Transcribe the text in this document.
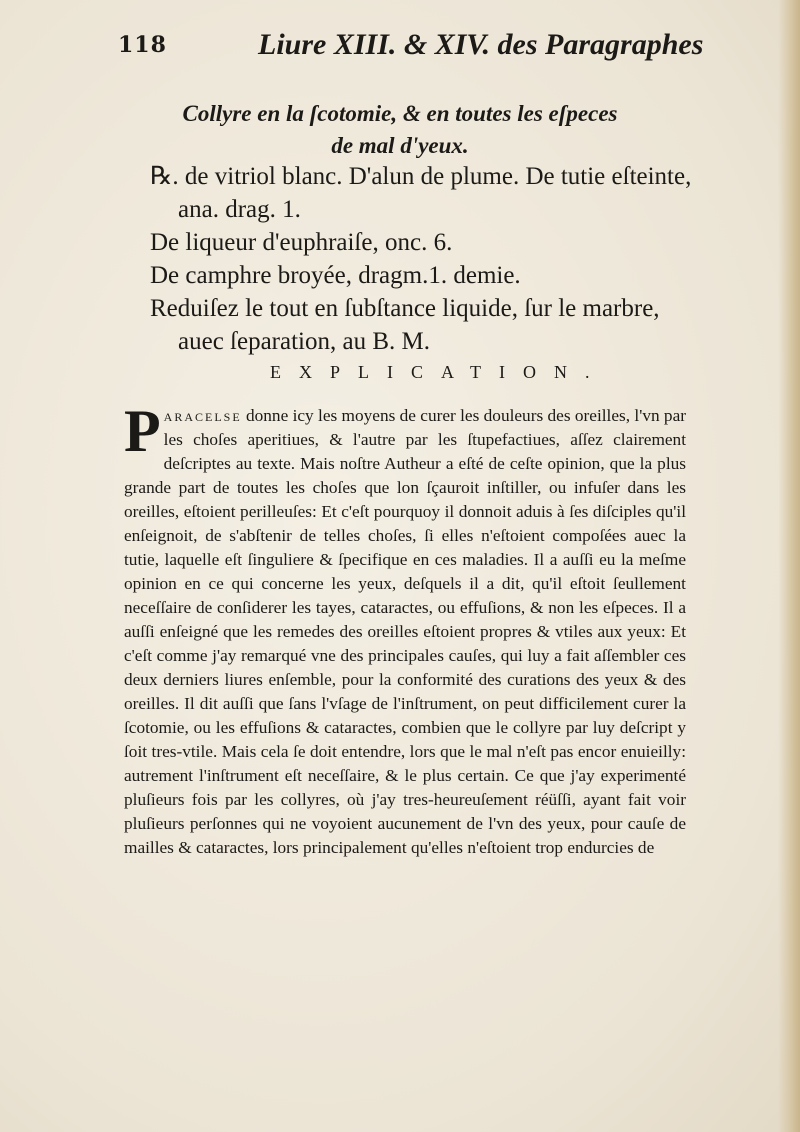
118	Liure XIII. & XIV. des Paragraphes
Collyre en la ſcotomie, & en toutes les eſpeces
de mal d'yeux.
℞. de vitriol blanc. D'alun de plume. De tutie eſteinte,
ana. drag. 1.
De liqueur d'euphraiſe, onc. 6.
De camphre broyée, dragm.1. demie.
Reduiſez le tout en ſubſtance liquide, ſur le marbre,
auec ſeparation, au B. M.
EXPLICATION.
Paracelse donne icy les moyens de curer les douleurs des oreilles, l'vn par les choſes aperitiues, & l'autre par les ſtupefactiues, aſſez clairement deſcriptes au texte. Mais noſtre Autheur a eſté de ceſte opinion, que la plus grande part de toutes les choſes que lon ſçauroit inſtiller, ou infuſer dans les oreilles, eſtoient perilleuſes: Et c'eſt pourquoy il donnoit aduis à ſes diſciples qu'il enſeignoit, de s'abſtenir de telles choſes, ſi elles n'eſtoient compoſées auec la tutie, laquelle eſt ſinguliere & ſpecifique en ces maladies. Il a auſſi eu la meſme opinion en ce qui concerne les yeux, deſquels il a dit, qu'il eſtoit ſeullement neceſſaire de conſiderer les tayes, cataractes, ou effuſions, & non les eſpeces. Il a auſſi enſeigné que les remedes des oreilles eſtoient propres & vtiles aux yeux: Et c'eſt comme j'ay remarqué vne des principales cauſes, qui luy a fait aſſembler ces deux derniers liures enſemble, pour la conformité des curations des yeux & des oreilles. Il dit auſſi que ſans l'vſage de l'inſtrument, on peut difficilement curer la ſcotomie, ou les effuſions & cataractes, combien que le collyre par luy deſcript y ſoit tres-vtile. Mais cela ſe doit entendre, lors que le mal n'eſt pas encor enuieilly: autrement l'inſtrument eſt neceſſaire, & le plus certain. Ce que j'ay experimenté pluſieurs fois par les collyres, où j'ay tres-heureuſement réüſſi, ayant fait voir pluſieurs perſonnes qui ne voyoient aucunement de l'vn des yeux, pour cauſe de mailles & cataractes, lors principalement qu'elles n'eſtoient trop endurcies de
